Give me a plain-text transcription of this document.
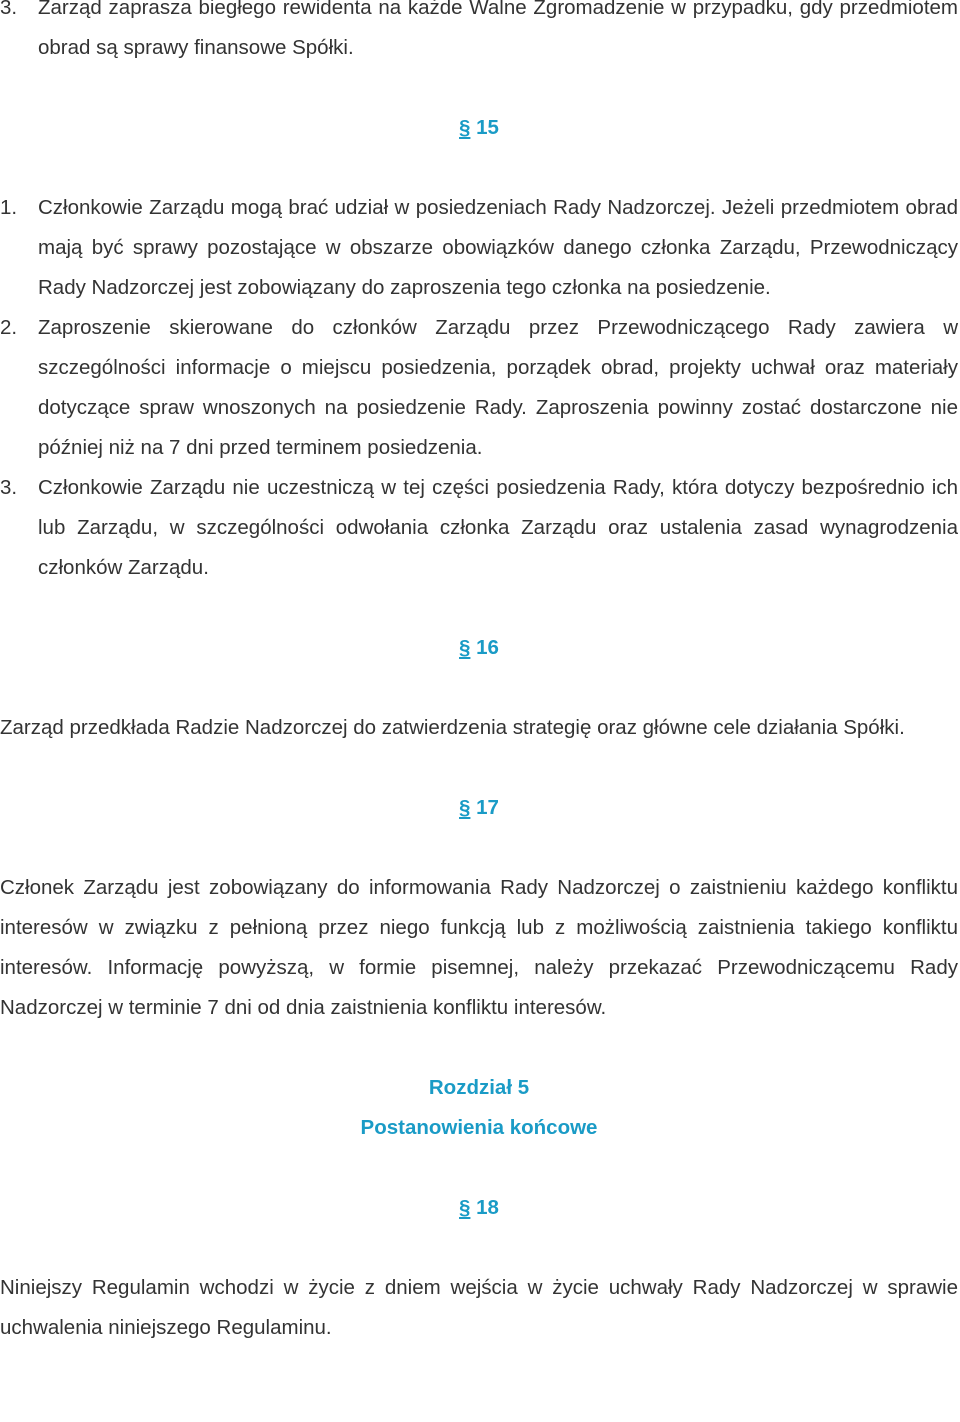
3. Zarząd zaprasza biegłego rewidenta na każde Walne Zgromadzenie w przypadku, gdy przedmiotem obrad są sprawy finansowe Spółki.
§ 15
1. Członkowie Zarządu mogą brać udział w posiedzeniach Rady Nadzorczej. Jeżeli przedmiotem obrad mają być sprawy pozostające w obszarze obowiązków danego członka Zarządu, Przewodniczący Rady Nadzorczej jest zobowiązany do zaproszenia tego członka na posiedzenie.
2. Zaproszenie skierowane do członków Zarządu przez Przewodniczącego Rady zawiera w szczególności informacje o miejscu posiedzenia, porządek obrad, projekty uchwał oraz materiały dotyczące spraw wnoszonych na posiedzenie Rady. Zaproszenia powinny zostać dostarczone nie później niż na 7 dni przed terminem posiedzenia.
3. Członkowie Zarządu nie uczestniczą w tej części posiedzenia Rady, która dotyczy bezpośrednio ich lub Zarządu, w szczególności odwołania członka Zarządu oraz ustalenia zasad wynagrodzenia członków Zarządu.
§ 16
Zarząd przedkłada Radzie Nadzorczej do zatwierdzenia strategię oraz główne cele działania Spółki.
§ 17
Członek Zarządu jest zobowiązany do informowania Rady Nadzorczej o zaistnieniu każdego konfliktu interesów w związku z pełnioną przez niego funkcją lub z możliwością zaistnienia takiego konfliktu interesów. Informację powyższą, w formie pisemnej, należy przekazać Przewodniczącemu Rady Nadzorczej w terminie 7 dni od dnia zaistnienia konfliktu interesów.
Rozdział 5
Postanowienia końcowe
§ 18
Niniejszy Regulamin wchodzi w życie z dniem wejścia w życie uchwały Rady Nadzorczej w sprawie uchwalenia niniejszego Regulaminu.
